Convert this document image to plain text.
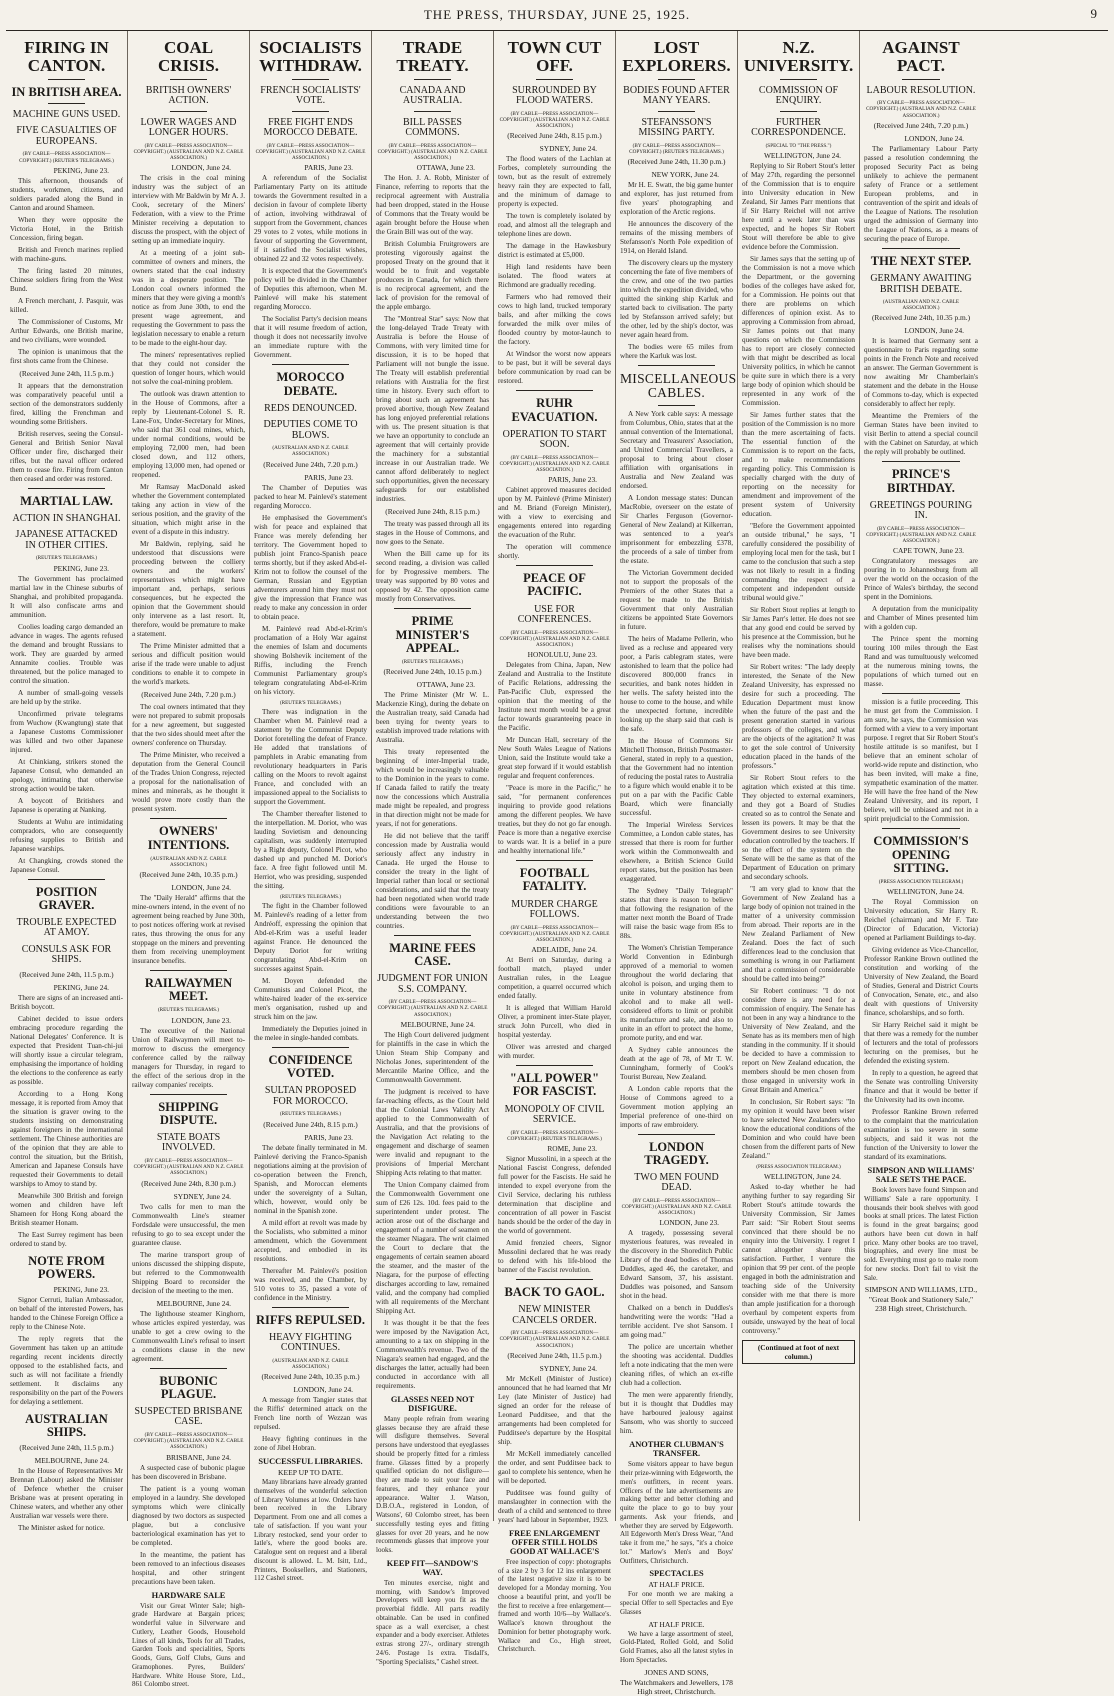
THE PRESS, THURSDAY, JUNE 25, 1925.	9
FIRING IN CANTON.
IN BRITISH AREA.
MACHINE GUNS USED.
FIVE CASUALTIES OF EUROPEANS.
(BY CABLE—PRESS ASSOCIATION—COPYRIGHT.) (REUTER'S TELEGRAMS.)
PEKING, June 23.

This afternoon, thousands of students, workmen, citizens, and soldiers paraded along the Bund in Canton and around Shameen.

When they were opposite the Victoria Hotel, in the British Concession, firing began.

British and French marines replied with machine-guns.

The firing lasted 20 minutes, Chinese soldiers firing from the West Bund.

A French merchant, J. Pasquir, was killed.

The Commissioner of Customs, Mr Arthur Edwards, one British marine, and two civilians, were wounded.

The opinion is unanimous that the first shots came from the Chinese.

(Received June 24th, 11.5 p.m.)

It appears that the demonstration was comparatively peaceful until a section of the demonstrators suddenly fired, killing the Frenchman and wounding some Britishers.

British reserves, seeing the Consul-General and British Senior Naval Officer under fire, discharged their rifles, but the naval officer ordered them to cease fire. Firing from Canton then ceased and order was restored.

MARTIAL LAW.
ACTION IN SHANGHAI.
JAPANESE ATTACKED IN OTHER CITIES.
(REUTER'S TELEGRAMS.)
PEKING, June 23.

The Government has proclaimed martial law in the Chinese suburbs of Shanghai, and prohibited propaganda. It will also confiscate arms and ammunition.

Coolies loading cargo demanded an advance in wages. The agents refused the demand and brought Russians to work. They are guarded by armed Annamite coolies. Trouble was threatened, but the police managed to control the situation.

A number of small-going vessels are held up by the strike.

Unconfirmed private telegrams from Wuchow (Kwangtung) state that a Japanese Customs Commissioner was killed and two other Japanese injured.

At Chinkiang, strikers stoned the Japanese Consul, who demanded an apology, intimating that otherwise strong action would be taken.

A boycott of Britishers and Japanese is operating at Nanking.

Students at Wuhu are intimidating compradors, who are consequently refusing supplies to British and Japanese warships.

At Changking, crowds stoned the Japanese Consul.

POSITION GRAVER.
TROUBLE EXPECTED AT AMOY.
CONSULS ASK FOR SHIPS.
(Received June 24th, 11.5 p.m.)
PEKING, June 24.

There are signs of an increased anti-British boycott.

Cabinet decided to issue orders embracing procedure regarding the National Delegates' Conference. It is expected that President Tuan-chi-jui will shortly issue a circular telegram, emphasising the importance of holding the elections to the conference as early as possible.

According to a Hong Kong message, it is reported from Amoy that the situation is graver owing to the students insisting on demonstrating against foreigners in the international settlement. The Chinese authorities are of the opinion that they are able to control the situation, but the British, American and Japanese Consuls have requested their Governments to detail warships to Amoy to stand by.

Meanwhile 300 British and foreign women and children have left Shameen for Hong Kong aboard the British steamer Honam.

The East Surrey regiment has been ordered to stand by.

NOTE FROM POWERS.
PEKING, June 23.

Signor Cerruti, Italian Ambassador, on behalf of the interested Powers, has handed to the Chinese Foreign Office a reply to the Chinese Note.

The reply regrets that the Government has taken up an attitude regarding recent incidents directly opposed to the established facts, and such as will not facilitate a friendly settlement. It disclaims any responsibility on the part of the Powers for delaying a settlement.

AUSTRALIAN SHIPS.
(Received June 24th, 11.5 p.m.)
MELBOURNE, June 24.

In the House of Representatives Mr Brennan (Labour) asked the Minister of Defence whether the cruiser Brisbane was at present operating in Chinese waters, and whether any other Australian war vessels were there.

The Minister asked for notice.

COAL CRISIS.
BRITISH OWNERS' ACTION.
LOWER WAGES AND LONGER HOURS.
(BY CABLE—PRESS ASSOCIATION—COPYRIGHT.) (AUSTRALIAN AND N.Z. CABLE ASSOCIATION.)
LONDON, June 24.

The crisis in the coal mining industry was the subject of an interview with Mr Baldwin by Mr A. J. Cook, secretary of the Miners' Federation, with a view to the Prime Minister receiving a deputation to discuss the prospect, with the object of setting up an immediate inquiry.

At a meeting of a joint sub-committee of owners and miners, the owners stated that the coal industry was in a desperate position. The London coal owners informed the miners that they were giving a month's notice as from June 30th, to end the present wage agreement, and requesting the Government to pass the legislation necessary to enable a return to be made to the eight-hour day.

The miners' representatives replied that they could not consider the question of longer hours, which would not solve the coal-mining problem.

The outlook was drawn attention to in the House of Commons, after a reply by Lieutenant-Colonel S. R. Lane-Fox, Under-Secretary for Mines, who said that 361 coal mines, which, under normal conditions, would be employing 72,000 men, had been closed down, and 112 others, employing 13,000 men, had opened or reopened.

Mr Ramsay MacDonald asked whether the Government contemplated taking any action in view of the serious position, and the gravity of the situation, which might arise in the event of a dispute in this industry.

Mr Baldwin, replying, said he understood that discussions were proceeding between the colliery owners and the workers' representatives which might have important and, perhaps, serious consequences, but he expected the opinion that the Government should only intervene as a last resort. It, therefore, would be premature to make a statement.

The Prime Minister admitted that a serious and difficult position would arise if the trade were unable to adjust conditions to enable it to compete in the world's markets.

(Received June 24th, 7.20 p.m.)

The coal owners intimated that they were not prepared to submit proposals for a new agreement, but suggested that the two sides should meet after the owners' conference on Thursday.

The Prime Minister, who received a deputation from the General Council of the Trades Union Congress, rejected a proposal for the nationalisation of mines and minerals, as he thought it would prove more costly than the present system.

OWNERS' INTENTIONS.
(AUSTRALIAN AND N.Z. CABLE ASSOCIATION.)
(Received June 24th, 10.35 p.m.)
LONDON, June 24.

The "Daily Herald" affirms that the mine-owners intend, in the event of no agreement being reached by June 30th, to post notices offering work at revised rates, thus throwing the onus for any stoppage on the miners and preventing them from receiving unemployment insurance benefits.

RAILWAYMEN MEET.
(REUTER'S TELEGRAMS.)
LONDON, June 23.

The executive of the National Union of Railwaymen will meet to-morrow to discuss the emergency conference called by the railway managers for Thursday, in regard to the effect of the serious drop in the railway companies' receipts.

SHIPPING DISPUTE.
STATE BOATS INVOLVED.
(BY CABLE—PRESS ASSOCIATION—COPYRIGHT.) (AUSTRALIAN AND N.Z. CABLE ASSOCIATION.)
(Received June 24th, 8.30 p.m.)
SYDNEY, June 24.

Two calls for men to man the Commonwealth Line's steamer Fordsdale were unsuccessful, the men refusing to go to sea except under the guarantee clause.

The marine transport group of unions discussed the shipping dispute, but referred to the Commonwealth Shipping Board to reconsider the decision of the meeting to the men.

MELBOURNE, June 24.

The lighthouse steamer Kinghorn, whose articles expired yesterday, was unable to get a crew owing to the Commonwealth Line's refusal to insert a conditions clause in the new agreement.

BUBONIC PLAGUE.
SUSPECTED BRISBANE CASE.
(BY CABLE—PRESS ASSOCIATION—COPYRIGHT.) (AUSTRALIAN AND N.Z. CABLE ASSOCIATION.)
BRISBANE, June 24.

A suspected case of bubonic plague has been discovered in Brisbane.

The patient is a young woman employed in a laundry. She developed symptoms which were clinically diagnosed by two doctors as suspected plague, but a conclusive bacteriological examination has yet to be completed.

In the meantime, the patient has been removed to an infectious diseases hospital, and other stringent precautions have been taken.

HARDWARE SALE

Visit our Great Winter Sale; high-grade Hardware at Bargain prices; wonderful value in Silverware and Cutlery, Leather Goods, Household Lines of all kinds, Tools for all Trades, Garden Tools and specialities, Sports Goods, Guns, Golf Clubs, Guns and Gramophones. Pyres, Builders' Hardware. White House Store, Ltd., 861 Colombo street.

SOCIALISTS WITHDRAW.
FRENCH SOCIALISTS' VOTE.
FREE FIGHT ENDS MOROCCO DEBATE.
(BY CABLE—PRESS ASSOCIATION—COPYRIGHT.) (AUSTRALIAN AND N.Z. CABLE ASSOCIATION.)
PARIS, June 23.

A referendum of the Socialist Parliamentary Party on its attitude towards the Government resulted in a decision in favour of complete liberty of action, involving withdrawal of support from the Government, chances 29 votes to 2 votes, while motions in favour of supporting the Government, if it satisfied the Socialist wishes, obtained 22 and 32 votes respectively.

It is expected that the Government's policy will be divided in the Chamber of Deputies this afternoon, when M. Painlevé will make his statement regarding Morocco.

The Socialist Party's decision means that it will resume freedom of action, though it does not necessarily involve an immediate rupture with the Government.

MOROCCO DEBATE.
REDS DENOUNCED.
DEPUTIES COME TO BLOWS.
(AUSTRALIAN AND N.Z. CABLE ASSOCIATION.)
(Received June 24th, 7.20 p.m.)
PARIS, June 23.

The Chamber of Deputies was packed to hear M. Painlevé's statement regarding Morocco.

He emphasised the Government's wish for peace and explained that France was merely defending her territory. The Government hoped to publish joint Franco-Spanish peace terms shortly, but if they asked Abd-el-Krim not to follow the counsel of the German, Russian and Egyptian adventurers around him they must not give the impression that France was ready to make any concession in order to obtain peace.

M. Painlevé read Abd-el-Krim's proclamation of a Holy War against the enemies of Islam and documents showing Bolshevik incitement of the Riffis, including the French Communist Parliamentary group's telegram congratulating Abd-el-Krim on his victory.

(REUTER'S TELEGRAMS.)

There was indignation in the Chamber when M. Painlevé read a statement by the Communist Deputy Doriot foretelling the defeat of France. He added that translations of pamphlets in Arabic emanating from revolutionary headquarters in Paris calling on the Moors to revolt against France, and concluded with an impassioned appeal to the Socialists to support the Government.

The Chamber thereafter listened to the interpellation. M. Doriot, who was lauding Sovietism and denouncing capitalism, was suddenly interrupted by a Right deputy, Colonel Picot, who dashed up and punched M. Doriot's face. A free fight followed until M. Herriot, who was presiding, suspended the sitting.

(REUTER'S TELEGRAMS.)

The fight in the Chamber followed M. Painlevé's reading of a letter from Andréoff, expressing the opinion that Abd-el-Krim was a useful leader against France. He denounced the Deputy Doriot for writing congratulating Abd-el-Krim on successes against Spain.

M. Doyen defended the Communists and Colonel Picot, the white-haired leader of the ex-service men's organisation, rushed up and struck him on the jaw.

Immediately the Deputies joined in the melee in single-handed combats.

CONFIDENCE VOTED.
SULTAN PROPOSED FOR MOROCCO.
(REUTER'S TELEGRAMS.)
(Received June 24th, 8.15 p.m.)
PARIS, June 23.

The debate finally terminated in M. Painlevé deriving the Franco-Spanish negotiations aiming at the provision of co-operation between the French, Spanish, and Moroccan elements under the sovereignty of a Sultan, which, however, would only be nominal in the Spanish zone.

A mild effort at revolt was made by the Socialists, who submitted a minor amendment, which the Government accepted, and embodied in its resolutions.

Thereafter M. Painlevé's position was received, and the Chamber, by 510 votes to 35, passed a vote of confidence in the Ministry.

RIFFS REPULSED.
HEAVY FIGHTING CONTINUES.
(AUSTRALIAN AND N.Z. CABLE ASSOCIATION.)
(Received June 24th, 10.35 p.m.)
LONDON, June 24.

A message from Tangier states that the Riffis' determined attack on the French line north of Wezzan was repulsed.

Heavy fighting continues in the zone of Jibel Hobran.

SUCCESSFUL LIBRARIES.
KEEP UP TO DATE.

Many librarians have already granted themselves of the wonderful selection of Library Volumes at low. Orders have been received in the Library Department. From one and all comes a tale of satisfaction. If you want your Library restocked, send your order to Iatle's, where the good books are. Catalogue sent on request and a liberal discount is allowed. L. M. Isitt, Ltd., Printers, Booksellers, and Stationers, 112 Cashel street.

TRADE TREATY.
CANADA AND AUSTRALIA.
BILL PASSES COMMONS.
(BY CABLE—PRESS ASSOCIATION—COPYRIGHT.) (AUSTRALIAN AND N.Z. CABLE ASSOCIATION.)
OTTAWA, June 23.

The Hon. J. A. Robb, Minister of Finance, referring to reports that the reciprocal agreement with Australia had been dropped, stated in the House of Commons that the Treaty would be again brought before the House when the Grain Bill was out of the way.

British Columbia Fruitgrowers are protesting vigorously against the proposed Treaty on the ground that it would be to fruit and vegetable producers in Canada, for which there is no reciprocal agreement, and the lack of provision for the removal of the apple embargo.

The "Montreal Star" says: Now that the long-delayed Trade Treaty with Australia is before the House of Commons, with very limited time for discussion, it is to be hoped that Parliament will not bungle the issue. The Treaty will establish preferential relations with Australia for the first time in history. Every such effort to bring about such an agreement has proved abortive, though New Zealand has long enjoyed preferential relations with us. The present situation is that we have an opportunity to conclude an agreement that will certainly provide the machinery for a substantial increase in our Australian trade. We cannot afford deliberately to neglect such opportunities, given the necessary safeguards for our established industries.

(Received June 24th, 8.15 p.m.)

The treaty was passed through all its stages in the House of Commons, and now goes to the Senate.

When the Bill came up for its second reading, a division was called for by Progressive members. The treaty was supported by 80 votes and opposed by 42. The opposition came mostly from Conservatives.

PRIME MINISTER'S APPEAL.
(REUTER'S TELEGRAMS.)
(Received June 24th, 10.15 p.m.)
OTTAWA, June 23.

The Prime Minister (Mr W. L. Mackenzie King), during the debate on the Australian treaty, said Canada had been trying for twenty years to establish improved trade relations with Australia.

This treaty represented the beginning of inter-Imperial trade, which would be increasingly valuable to the Dominion in the years to come. If Canada failed to ratify the treaty now the concessions which Australia made might be repealed, and progress in that direction might not be made for years, if not for generations.

He did not believe that the tariff concession made by Australia would seriously affect any industry in Canada. He urged the House to consider the treaty in the light of Imperial rather than local or sectional considerations, and said that the treaty had been negotiated when world trade conditions were favourable to an understanding between the two countries.

MARINE FEES CASE.
JUDGMENT FOR UNION S.S. COMPANY.
(BY CABLE—PRESS ASSOCIATION—COPYRIGHT.) (AUSTRALIAN AND N.Z. CABLE ASSOCIATION.)
MELBOURNE, June 24.

The High Court delivered judgment for plaintiffs in the case in which the Union Steam Ship Company and Nicholas Jones, superintendent of the Mercantile Marine Office, and the Commonwealth Government.

The judgment is received to have far-reaching effects, as the Court held that the Colonial Laws Validity Act applied to the Commonwealth of Australia, and that the provisions of the Navigation Act relating to the engagement and discharge of seamen were invalid and repugnant to the provisions of Imperial Merchant Shipping Acts relating to that matter.

The Union Company claimed from the Commonwealth Government one sum of £26 12s. 10d. fees paid to the superintendent under protest. The action arose out of the discharge and engagement of a number of seamen on the steamer Niagara. The writ claimed the Court to declare that the engagements of certain seamen aboard the steamer, and the master of the Niagara, for the purpose of effecting discharges according to law, remained valid, and the company had complied with all requirements of the Merchant Shipping Act.

It was thought it be that the fees were imposed by the Navigation Act, amounting to a tax on shipping in the Commonwealth's revenue. Two of the Niagara's seamen had engaged, and the discharges the latter, actually had been conducted in accordance with all requirements.

GLASSES NEED NOT DISFIGURE.

Many people refrain from wearing glasses because they are afraid these will disfigure themselves. Several persons have understood that eyeglasses should be properly fitted for a rimless frame. Glasses fitted by a properly qualified optician do not disfigure—they are made to suit your face and features, and they enhance your appearance. Walter J. Watson, D.B.O.A., registered in London, of Watsons', 60 Colombo street, has been successfully testing eyes and fitting glasses for over 20 years, and he now recommends glasses that improve your looks.

KEEP FIT—SANDOW'S WAY.

Ten minutes exercise, night and morning, with Sandow's Improved Developers will keep you fit as the proverbial fiddle. All parts readily obtainable. Can be used in confined space as a wall exerciser, a chest expander and a body exerciser. Athletes extras strong 27/-, ordinary strength 24/6. Postage 1s extra. Tisdall's, "Sporting Specialists," Cashel street.

TOWN CUT OFF.
SURROUNDED BY FLOOD WATERS.
(BY CABLE—PRESS ASSOCIATION—COPYRIGHT.) (AUSTRALIAN AND N.Z. CABLE ASSOCIATION.)
(Received June 24th, 8.15 p.m.)
SYDNEY, June 24.

The flood waters of the Lachlan at Forbes, completely surrounding the town, but as the result of extremely heavy rain they are expected to fall, and the minimum of damage to property is expected.

The town is completely isolated by road, and almost all the telegraph and telephone lines are down.

The damage in the Hawkesbury district is estimated at £5,000.

High land residents have been isolated. The flood waters at Richmond are gradually receding.

Farmers who had removed their cows to high land, trucked temporary bails, and after milking the cows forwarded the milk over miles of flooded country by motor-launch to the factory.

At Windsor the worst now appears to be past, but it will be several days before communication by road can be restored.

RUHR EVACUATION.
OPERATION TO START SOON.
(BY CABLE—PRESS ASSOCIATION—COPYRIGHT.) (AUSTRALIAN AND N.Z. CABLE ASSOCIATION.)
PARIS, June 23.

Cabinet approved measures decided upon by M. Painlevé (Prime Minister) and M. Briand (Foreign Minister), with a view to exercising and engagements entered into regarding the evacuation of the Ruhr.

The operation will commence shortly.

PEACE OF PACIFIC.
USE FOR CONFERENCES.
(BY CABLE—PRESS ASSOCIATION—COPYRIGHT.) (AUSTRALIAN AND N.Z. CABLE ASSOCIATION.)
HONOLULU, June 23.

Delegates from China, Japan, New Zealand and Australia to the Institute of Pacific Relations, addressing the Pan-Pacific Club, expressed the opinion that the meeting of the Institute next month would be a great factor towards guaranteeing peace in the Pacific.

Mr Duncan Hall, secretary of the New South Wales League of Nations Union, said the Institute would take a great step forward if it would establish regular and frequent conferences.

"Peace is more in the Pacific," he said, "for permanent conferences inquiring to provide good relations among the different peoples. We have treaties, but they do not go far enough. Peace is more than a negative exercise to wards war. It is a belief in a pure and healthy international life."

FOOTBALL FATALITY.
MURDER CHARGE FOLLOWS.
(BY CABLE—PRESS ASSOCIATION—COPYRIGHT.) (AUSTRALIAN AND N.Z. CABLE ASSOCIATION.)
ADELAIDE, June 24.

At Berri on Saturday, during a football match, played under Australian rules, in the League competition, a quarrel occurred which ended fatally.

It is alleged that William Harold Oliver, a prominent inter-State player, struck John Purcell, who died in hospital yesterday.

Oliver was arrested and charged with murder.

"ALL POWER" FOR FASCIST.
MONOPOLY OF CIVIL SERVICE.
(BY CABLE—PRESS ASSOCIATION—COPYRIGHT.) (REUTER'S TELEGRAMS.)
ROME, June 23.

Signor Mussolini, in a speech at the National Fascist Congress, defended full power for the Fascists. He said he intended to expel everyone from the Civil Service, declaring his ruthless determination that discipline and concentration of all power in Fascist hands should be the order of the day in the world of government.

Amid frenzied cheers, Signor Mussolini declared that he was ready to defend with his life-blood the banner of the Fascist revolution.

BACK TO GAOL.
NEW MINISTER CANCELS ORDER.
(BY CABLE—PRESS ASSOCIATION—COPYRIGHT.) (AUSTRALIAN AND N.Z. CABLE ASSOCIATION.)
(Received June 24th, 11.5 p.m.)
SYDNEY, June 24.

Mr McKell (Minister of Justice) announced that he had learned that Mr Ley (late Minister of Justice) had signed an order for the release of Leonard Pudditsee, and that the arrangements had been completed for Pudditsee's departure by the Hospital ship.

Mr McKell immediately cancelled the order, and sent Pudditsee back to gaol to complete his sentence, when he will be deported.

Pudditsee was found guilty of manslaughter in connection with the death of a child and sentenced to three years' hard labour in September, 1923.

FREE ENLARGEMENT OFFER STILL HOLDS GOOD AT WALLACE'S

Free inspection of copy: photographs of a size 2 by 3 for 12 ins enlargement of the latest negative size it is to be developed for a Monday morning. You choose a beautiful print, and you'll be the first to receive a free enlargement—framed and worth 10/6—by Wallace's. Wallace's known throughout the Dominion for better photography work. Wallace and Co., High street, Christchurch.

LOST EXPLORERS.
BODIES FOUND AFTER MANY YEARS.
STEFANSSON'S MISSING PARTY.
(BY CABLE—PRESS ASSOCIATION—COPYRIGHT.) (REUTER'S TELEGRAMS.)
(Received June 24th, 11.30 p.m.)
NEW YORK, June 24.

Mr H. E. Swatt, the big game hunter and explorer, has just returned from five years' photographing and exploration of the Arctic regions.

He announces the discovery of the remains of the missing members of Stefansson's North Pole expedition of 1914, on Herald Island.

The discovery clears up the mystery concerning the fate of five members of the crew, and one of the two parties into which the expedition divided, who quitted the sinking ship Karluk and started back to civilisation. The party led by Stefansson arrived safely; but the other, led by the ship's doctor, was never again heard from.

The bodies were 65 miles from where the Karluk was lost.

MISCELLANEOUS CABLES.

A New York cable says: A message from Columbus, Ohio, states that at the annual convention of the International, Secretary and Treasurers' Association, and United Commercial Travellers, a proposal to bring about closer affiliation with organisations in Australia and New Zealand was endorsed.

A London message states: Duncan MacRobie, overseer on the estate of Sir Charles Ferguson (Governor-General of New Zealand) at Kilkerran, was sentenced to a year's imprisonment for embezzling £378, the proceeds of a sale of timber from the estate.

The Victorian Government decided not to support the proposals of the Premiers of the other States that a request be made to the British Government that only Australian citizens be appointed State Governors in future.

The heirs of Madame Pellerin, who lived as a recluse and appeared very poor, a Paris cablegram states, were astonished to learn that the police had discovered 800,000 francs in securities, and bank notes hidden in her wells. The safety heisted into the house to come to the house, and while the unexpected fortune, incredible looking up the sharp said that cash is the safe.

In the House of Commons Sir Mitchell Thomson, British Postmaster-General, stated in reply to a question, that the Government had no intention of reducing the postal rates to Australia to a figure which would enable it to be put on a par with the Pacific Cable Board, which were financially successful.

The Imperial Wireless Services Committee, a London cable states, has stressed that there is room for further work within the Commonwealth and elsewhere, a British Science Guild report states, but the position has been exaggerated.

The Sydney "Daily Telegraph" states that there is reason to believe that following the resignation of the matter next month the Board of Trade will raise the basic wage from 85s to 88s.

The Women's Christian Temperance World Convention in Edinburgh approved of a memorial to women throughout the world declaring that alcohol is poison, and urging them to unite in voluntary abstinence from alcohol and to make all well-considered efforts to limit or prohibit its manufacture and sale, and also to unite in an effort to protect the home, promote purity, and end war.

A Sydney cable announces the death at the age of 78, of Mr T. W. Cunningham, formerly of Cook's Tourist Bureau, New Zealand.

A London cable reports that the House of Commons agreed to a Government motion applying an Imperial preference of one-third on imports of raw embroidery.

LONDON TRAGEDY.
TWO MEN FOUND DEAD.
(BY CABLE—PRESS ASSOCIATION—COPYRIGHT.) (AUSTRALIAN AND N.Z. CABLE ASSOCIATION.)
LONDON, June 23.

A tragedy, possessing several mysterious features, was revealed in the discovery in the Shoreditch Public Library of the dead bodies of Thomas Duddles, aged 46, the caretaker, and Edward Sansom, 37, his assistant. Duddles was poisoned, and Sansom shot in the head.

Chalked on a bench in Duddles's handwriting were the words: "Had a terrible accident. I've shot Sansom. I am going mad."

The police are uncertain whether the shooting was accidental. Duddles left a note indicating that the men were cleaning rifles, of which an ex-rifle club had a collection.

The men were apparently friendly, but it is thought that Duddles may have harboured jealousy against Sansom, who was shortly to succeed him.

ANOTHER CLUBMAN'S TRANSFER.

Some visitors appear to have begun their prize-winning with Edgeworth, the men's outfitters, in recent years. Officers of the late advertisements are making better and better clothing and quite the place to go to buy your garments. Ask your friends, and whether they are served by Edgeworth. All Edgeworth Men's Dress Wear, "And take it from me," he says, "it's a choice lot." Marlow's Men's and Boys' Outfitters, Christchurch.

SPECTACLES
AT HALF PRICE.

For one month we are making a special Offer to sell Spectacles and Eye Glasses

AT HALF PRICE.

We have a large assortment of steel, Gold-Plated, Rolled Gold, and Solid Gold Frames, also all the latest styles in Horn Spectacles.

JONES AND SONS,
The Watchmakers and Jewellers, 178 High street, Christchurch.
N.Z. UNIVERSITY.
COMMISSION OF ENQUIRY.
FURTHER CORRESPONDENCE.
(SPECIAL TO "THE PRESS.")
WELLINGTON, June 24.

Replying to Sir Robert Stout's letter of May 27th, regarding the personnel of the Commission that is to enquire into University education in New Zealand, Sir James Parr mentions that if Sir Harry Reichel will not arrive here until a week later than was expected, and he hopes Sir Robert Stout will therefore be able to give evidence before the Commission.

Sir James says that the setting up of the Commission is not a move which the Department, or the governing bodies of the colleges have asked for, for a Commission. He points out that there are problems on which differences of opinion exist. As to approving a Commission from abroad, Sir James points out that many questions on which the Commission has to report are closely connected with that might be described as local University politics, in which he cannot be quite sure in which there is a very large body of opinion which should be represented in any work of the Commission.

Sir James further states that the position of the Commission is no more than the mere ascertaining of facts. The essential function of the Commission is to report on the facts, and to make recommendations regarding policy. This Commission is specially charged with the duty of reporting on the necessity for amendment and improvement of the present system of University education.

"Before the Government appointed an outside tribunal," he says, "I carefully considered the possibility of employing local men for the task, but I came to the conclusion that such a step was not likely to result in a finding commanding the respect of a competent and independent outside tribunal would give."

Sir Robert Stout replies at length to Sir James Parr's letter. He does not see that any good end could be served by his presence at the Commission, but he realises why the nominations should have been made.

Sir Robert writes: "The lady deeply interested, the Senate of the New Zealand University, has expressed no desire for such a proceeding. The Education Department must know when the future of the past and the present generation started in various professors of the colleges, and what are the objects of the agitation? It was to get the sole control of University education placed in the hands of the professors."

Sir Robert Stout refers to the agitation which existed at this time. They objected to external examiners, and they got a Board of Studies created so as to control the Senate and lessen its powers. It may be that the Government desires to see University education controlled by the teachers. If so the effect of the system on the Senate will be the same as that of the Department of Education on primary and secondary schools.

"I am very glad to know that the Government of New Zealand has a large body of opinion not trained in the matter of a university commission from abroad. Their reports are in the New Zealand Parliament of New Zealand. Does the fact of such differences lead to the conclusion that something is wrong in our Parliament and that a commission of considerable should be called into being?"

Sir Robert continues: "I do not consider there is any need for a commission of enquiry. The Senate has not been in any way a hindrance to the University of New Zealand, and the Senate has as its members men of high standing in the community. If it should be decided to have a commission to report on New Zealand education, the members should be men chosen from those engaged in university work in Great Britain and America."

In conclusion, Sir Robert says: "In my opinion it would have been wiser to have selected New Zealanders who know the educational conditions of the Dominion and who could have been chosen from the different parts of New Zealand."

(PRESS ASSOCIATION TELEGRAM.)
WELLINGTON, June 24.

Asked to-day whether he had anything further to say regarding Sir Robert Stout's attitude towards the University Commission, Sir James Parr said: "Sir Robert Stout seems convinced that there should be no enquiry into the University. I regret I cannot altogether share this satisfaction. Further, I venture the opinion that 99 per cent. of the people engaged in both the administration and teaching side of the University consider with me that there is more than ample justification for a thorough overhaul by competent experts from outside, unswayed by the heat of local controversy."

(Continued at foot of next column.)
AGAINST PACT.
LABOUR RESOLUTION.
(BY CABLE—PRESS ASSOCIATION—COPYRIGHT.) (AUSTRALIAN AND N.Z. CABLE ASSOCIATION.)
(Received June 24th, 7.20 p.m.)
LONDON, June 24.

The Parliamentary Labour Party passed a resolution condemning the proposed Security Pact as being unlikely to achieve the permanent safety of France or a settlement European problems, and in contravention of the spirit and ideals of the League of Nations. The resolution urged the admission of Germany into the League of Nations, as a means of securing the peace of Europe.

THE NEXT STEP.
GERMANY AWAITING BRITISH DEBATE.
(AUSTRALIAN AND N.Z. CABLE ASSOCIATION.)
(Received June 24th, 10.35 p.m.)
LONDON, June 24.

It is learned that Germany sent a questionnaire to Paris regarding some points in the French Note and received an answer. The German Government is now awaiting Mr Chamberlain's statement and the debate in the House of Commons to-day, which is expected considerably to affect her reply.

Meantime the Premiers of the German States have been invited to visit Berlin to attend a special council with the Cabinet on Saturday, at which the reply will probably be outlined.

PRINCE'S BIRTHDAY.
GREETINGS POURING IN.
(BY CABLE—PRESS ASSOCIATION—COPYRIGHT.) (AUSTRALIAN AND N.Z. CABLE ASSOCIATION.)
CAPE TOWN, June 23.

Congratulatory messages are pouring in to Johannesburg from all over the world on the occasion of the Prince of Wales's birthday, the second spent in the Dominions.

A deputation from the municipality and Chamber of Mines presented him with a golden cup.

The Prince spent the morning touring 100 miles through the East Rand and was tumultuously welcomed at the numerous mining towns, the populations of which turned out en masse.

mission is a futile proceeding. This he must get from the Commission. I am sure, he says, the Commission was formed with a view to a very important purpose. I regret that Sir Robert Stout's hostile attitude is so manifest, but I believe that an eminent scholar of world-wide repute and distinction, who has been invited, will make a fine, sympathetic examination of the matter. He will have the free hand of the New Zealand University, and its report, I believe, will be unbiased and not in a spirit prejudicial to the Commission.

COMMISSION'S OPENING SITTING.
(PRESS ASSOCIATION TELEGRAM.)
WELLINGTON, June 24.

The Royal Commission on University education, Sir Harry R. Reichel (chairman) and Mr F. Tate (Director of Education, Victoria) opened at Parliament Buildings to-day.

Giving evidence as Vice-Chancellor, Professor Rankine Brown outlined the constitution and working of the University of New Zealand, the Board of Studies, General and District Courts of Convocation, Senate, etc., and also dealt with questions of University finance, scholarships, and so forth.

Sir Harry Reichel said it might be that there was a remedy for the number of lecturers and the total of professors lecturing on the premises, but he defended the existing system.

In reply to a question, he agreed that the Senate was controlling University finance and that it would be better if the University had its own income.

Professor Rankine Brown referred to the complaint that the matriculation examination is too severe in some subjects, and said it was not the function of the University to lower the standard of its examinations.

SIMPSON AND WILLIAMS' SALE SETS THE PACE.

Book lovers have found Simpson and Williams' Sale a rare opportunity. I thousands their book shelves with good books at small prices. The latest Fiction is found in the great bargains; good authors have been cut down in half price. Many other books are too travel, biographies, and every line must be sold. Everything must go to make room for new stocks. Don't fail to visit the Sale.

SIMPSON AND WILLIAMS, LTD.,
"Great Book and Stationery Sale," 238 High street, Christchurch.
